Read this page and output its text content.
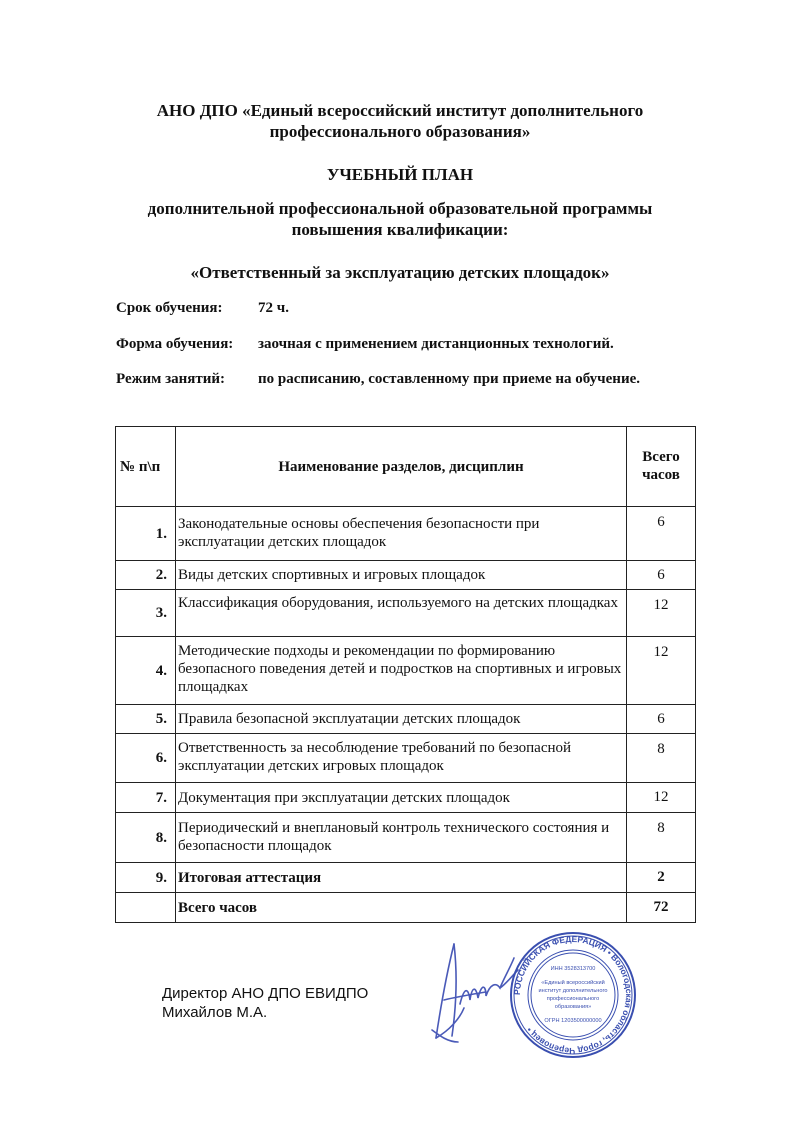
АНО ДПО «Единый всероссийский институт дополнительного
профессионального образования»
УЧЕБНЫЙ ПЛАН
дополнительной профессиональной образовательной программы
повышения квалификации:
«Ответственный за эксплуатацию детских площадок»
Срок обучения: 72 ч.
Форма обучения: заочная с применением дистанционных технологий.
Режим занятий: по расписанию, составленному при приеме на обучение.
№ п\п	Наименование разделов, дисциплин	Всего
часов

1.	Законодательные основы обеспечения безопасности при эксплуатации детских площадок	6
2.	Виды детских спортивных и игровых площадок	6
3.	Классификация оборудования, используемого на детских площадках	12
4.	Методические подходы и рекомендации по формированию безопасного поведения детей и подростков на спортивных и игровых площадках	12
5.	Правила безопасной эксплуатации детских площадок	6
6.	Ответственность за несоблюдение требований по безопасной эксплуатации детских игровых площадок	8
7.	Документация при эксплуатации детских площадок	12
8.	Периодический и внеплановый контроль технического состояния и безопасности площадок	8
9.	Итоговая аттестация	2
	Всего часов	72
Директор АНО ДПО ЕВИДПО
Михайлов М.А.
РОССИЙСКАЯ ФЕДЕРАЦИЯ • Вологодская область, город Череповец •
ИНН 3528313700
«Единый всероссийский
институт дополнительного
профессионального
образования»
ОГРН 1203500000000
